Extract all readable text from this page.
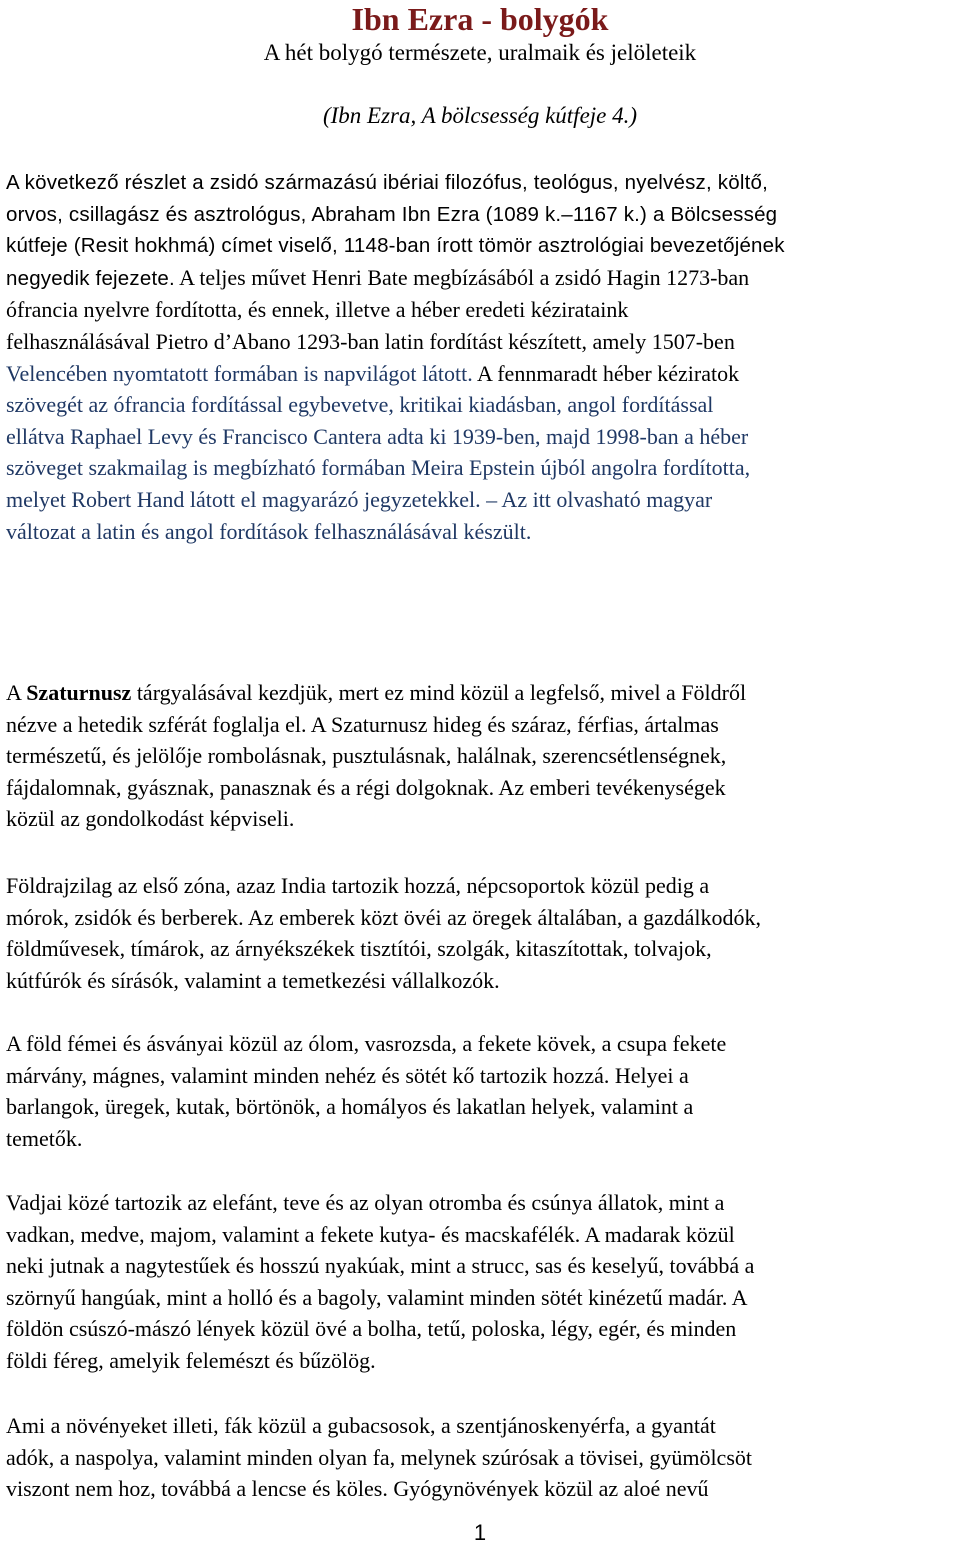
Ibn Ezra - bolygók
A hét bolygó természete, uralmaik és jelöleteik
(Ibn Ezra, A bölcsesség kútfeje 4.)
A következő részlet a zsidó származású ibériai filozófus, teológus, nyelvész, költő,
orvos, csillagász és asztrológus, Abraham Ibn Ezra (1089 k.–1167 k.) a Bölcsesség
kútfeje (Resit hokhmá) címet viselő, 1148-ban írott tömör asztrológiai bevezetőjének
negyedik fejezete. A teljes művet Henri Bate megbízásából a zsidó Hagin 1273-ban
ófrancia nyelvre fordította, és ennek, illetve a héber eredeti kézirataink
felhasználásával Pietro d’Abano 1293-ban latin fordítást készített, amely 1507-ben
Velencében nyomtatott formában is napvilágot látott. A fennmaradt héber kéziratok
szövegét az ófrancia fordítással egybevetve, kritikai kiadásban, angol fordítással
ellátva Raphael Levy és Francisco Cantera adta ki 1939-ben, majd 1998-ban a héber
szöveget szakmailag is megbízható formában Meira Epstein újból angolra fordította,
melyet Robert Hand látott el magyarázó jegyzetekkel. – Az itt olvasható magyar
változat a latin és angol fordítások felhasználásával készült.
A Szaturnusz tárgyalásával kezdjük, mert ez mind közül a legfelső, mivel a Földről
nézve a hetedik szférát foglalja el. A Szaturnusz hideg és száraz, férfias, ártalmas
természetű, és jelölője rombolásnak, pusztulásnak, halálnak, szerencsétlenségnek,
fájdalomnak, gyásznak, panasznak és a régi dolgoknak. Az emberi tevékenységek
közül az gondolkodást képviseli.
Földrajzilag az első zóna, azaz India tartozik hozzá, népcsoportok közül pedig a
mórok, zsidók és berberek. Az emberek közt övéi az öregek általában, a gazdálkodók,
földművesek, tímárok, az árnyékszékek tisztítói, szolgák, kitaszítottak, tolvajok,
kútfúrók és sírásók, valamint a temetkezési vállalkozók.
A föld fémei és ásványai közül az ólom, vasrozsda, a fekete kövek, a csupa fekete
márvány, mágnes, valamint minden nehéz és sötét kő tartozik hozzá. Helyei a
barlangok, üregek, kutak, börtönök, a homályos és lakatlan helyek, valamint a
temetők.
Vadjai közé tartozik az elefánt, teve és az olyan otromba és csúnya állatok, mint a
vadkan, medve, majom, valamint a fekete kutya- és macskafélék. A madarak közül
neki jutnak a nagytestűek és hosszú nyakúak, mint a strucc, sas és keselyű, továbbá a
szörnyű hangúak, mint a holló és a bagoly, valamint minden sötét kinézetű madár. A
földön csúszó-mászó lények közül övé a bolha, tetű, poloska, légy, egér, és minden
földi féreg, amelyik felemészt és bűzölög.
Ami a növényeket illeti, fák közül a gubacsosok, a szentjánoskenyérfa, a gyantát
adók, a naspolya, valamint minden olyan fa, melynek szúrósak a tövisei, gyümölcsöt
viszont nem hoz, továbbá a lencse és köles. Gyógynövények közül az aloé nevű
1
